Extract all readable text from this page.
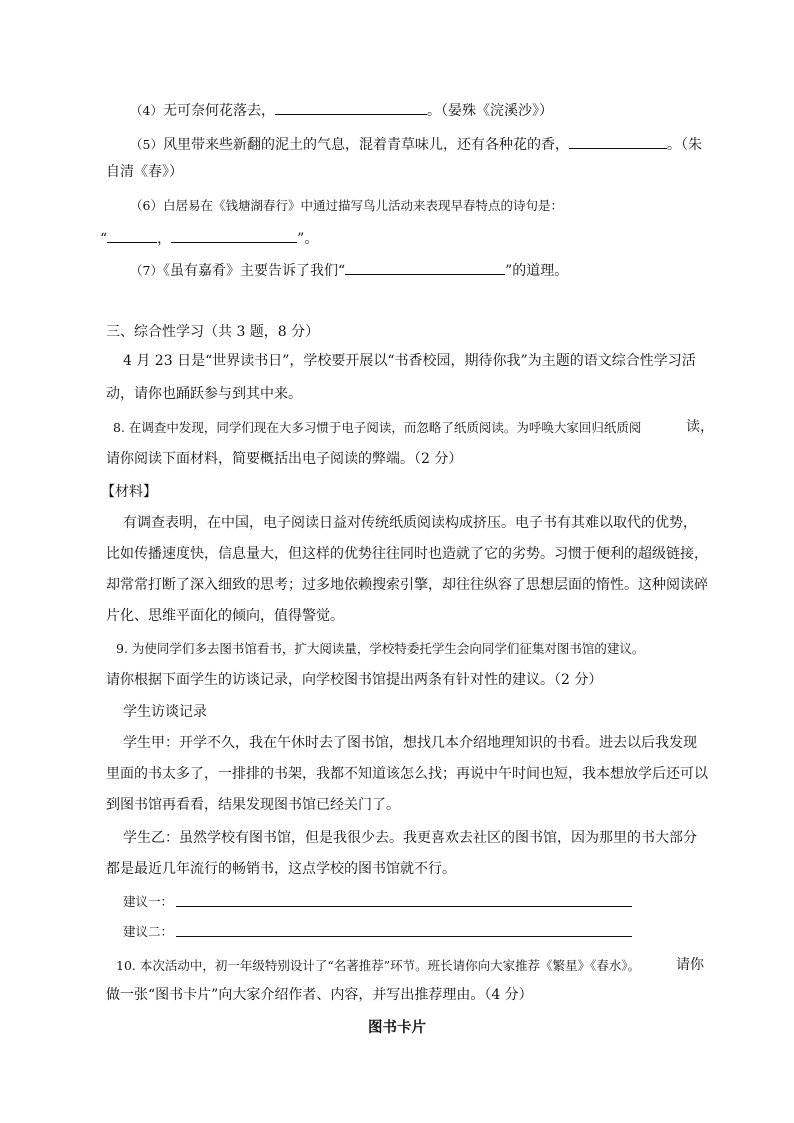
（4）无可奈何花落去，	。（晏殊《浣溪沙》）
（5）风里带来些新翻的泥土的气息，混着青草味儿，还有各种花的香，	。（朱
自清《春》）
（6）白居易在《钱塘湖春行》中通过描写鸟儿活动来表现早春特点的诗句是：
“	，	”。
（7）《虽有嘉肴》主要告诉了我们“	”的道理。
三、综合性学习（共 3 题，8 分）
4 月 23 日是“世界读书日”，学校要开展以“书香校园，期待你我”为主题的语文综合性学习活
动，请你也踊跃参与到其中来。
8. 在调查中发现，同学们现在大多习惯于电子阅读，而忽略了纸质阅读。为呼唤大家回归纸质阅	读，
请你阅读下面材料，简要概括出电子阅读的弊端。（2 分）
【材料】
有调查表明，在中国，电子阅读日益对传统纸质阅读构成挤压。电子书有其难以取代的优势，
比如传播速度快，信息量大，但这样的优势往往同时也造就了它的劣势。习惯于便利的超级链接，
却常常打断了深入细致的思考；过多地依赖搜索引擎，却往往纵容了思想层面的惰性。这种阅读碎
片化、思维平面化的倾向，值得警觉。
9. 为使同学们多去图书馆看书，扩大阅读量，学校特委托学生会向同学们征集对图书馆的建议。
请你根据下面学生的访谈记录，向学校图书馆提出两条有针对性的建议。（2 分）
学生访谈记录
学生甲：开学不久，我在午休时去了图书馆，想找几本介绍地理知识的书看。进去以后我发现
里面的书太多了，一排排的书架，我都不知道该怎么找；再说中午时间也短，我本想放学后还可以
到图书馆再看看，结果发现图书馆已经关门了。
学生乙：虽然学校有图书馆，但是我很少去。我更喜欢去社区的图书馆，因为那里的书大部分
都是最近几年流行的畅销书，这点学校的图书馆就不行。
建议一：
建议二：
10. 本次活动中，初一年级特别设计了“名著推荐”环节。班长请你向大家推荐《繁星》《春水》。	请你
做一张“图书卡片”向大家介绍作者、内容，并写出推荐理由。（4 分）
图书卡片
